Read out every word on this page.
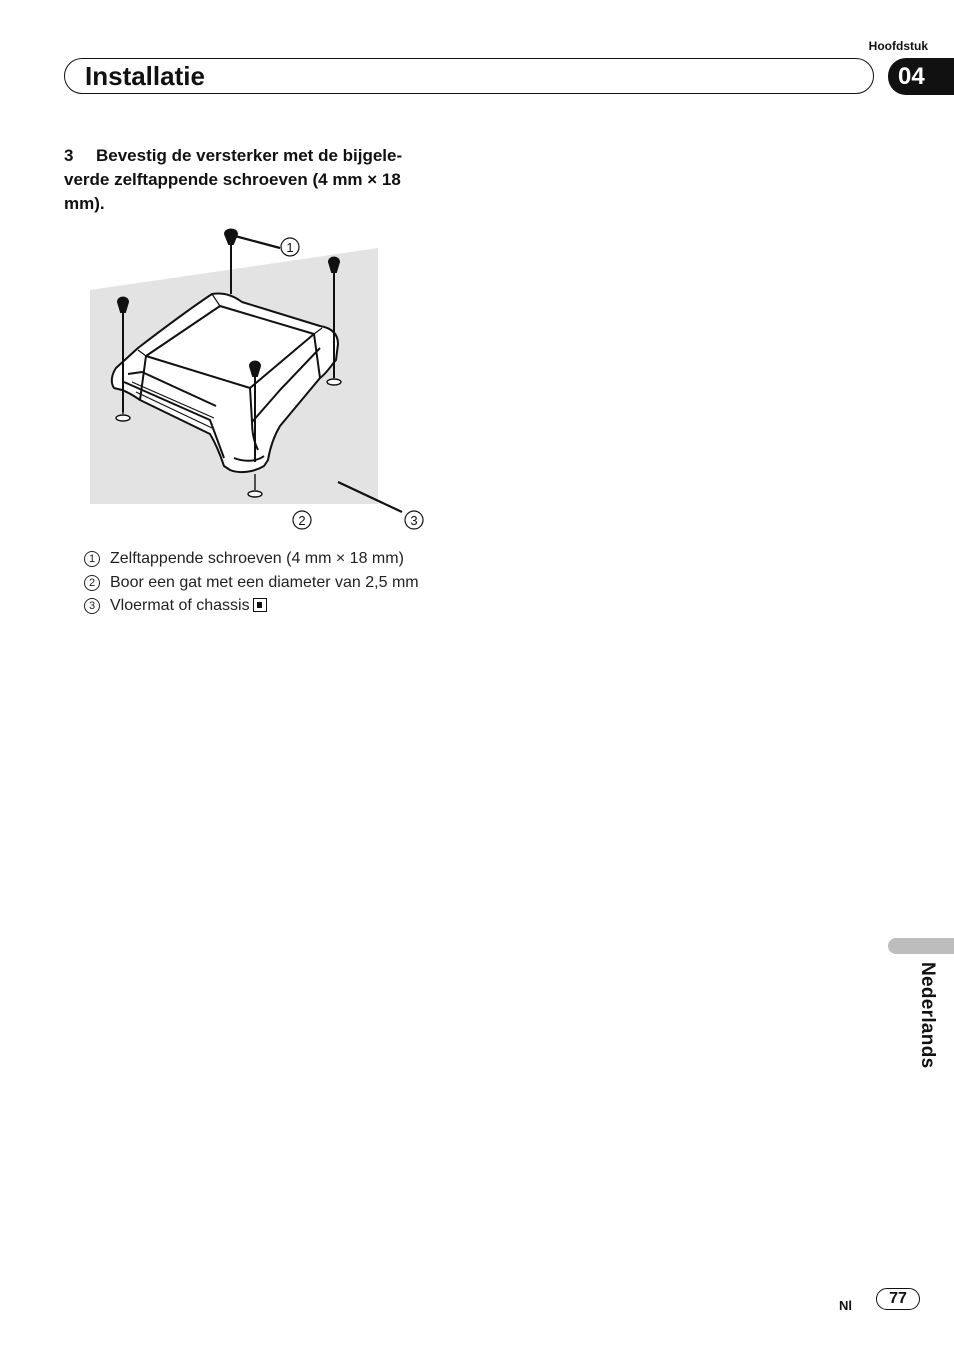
Hoofdstuk
Installatie	04
3 Bevestig de versterker met de bijgele-verde zelftappende schroeven (4 mm × 18 mm).
1
2	3
1 Zelftappende schroeven (4 mm × 18 mm)
2 Boor een gat met een diameter van 2,5 mm
3 Vloermat of chassis
Nederlands
Nl	77
